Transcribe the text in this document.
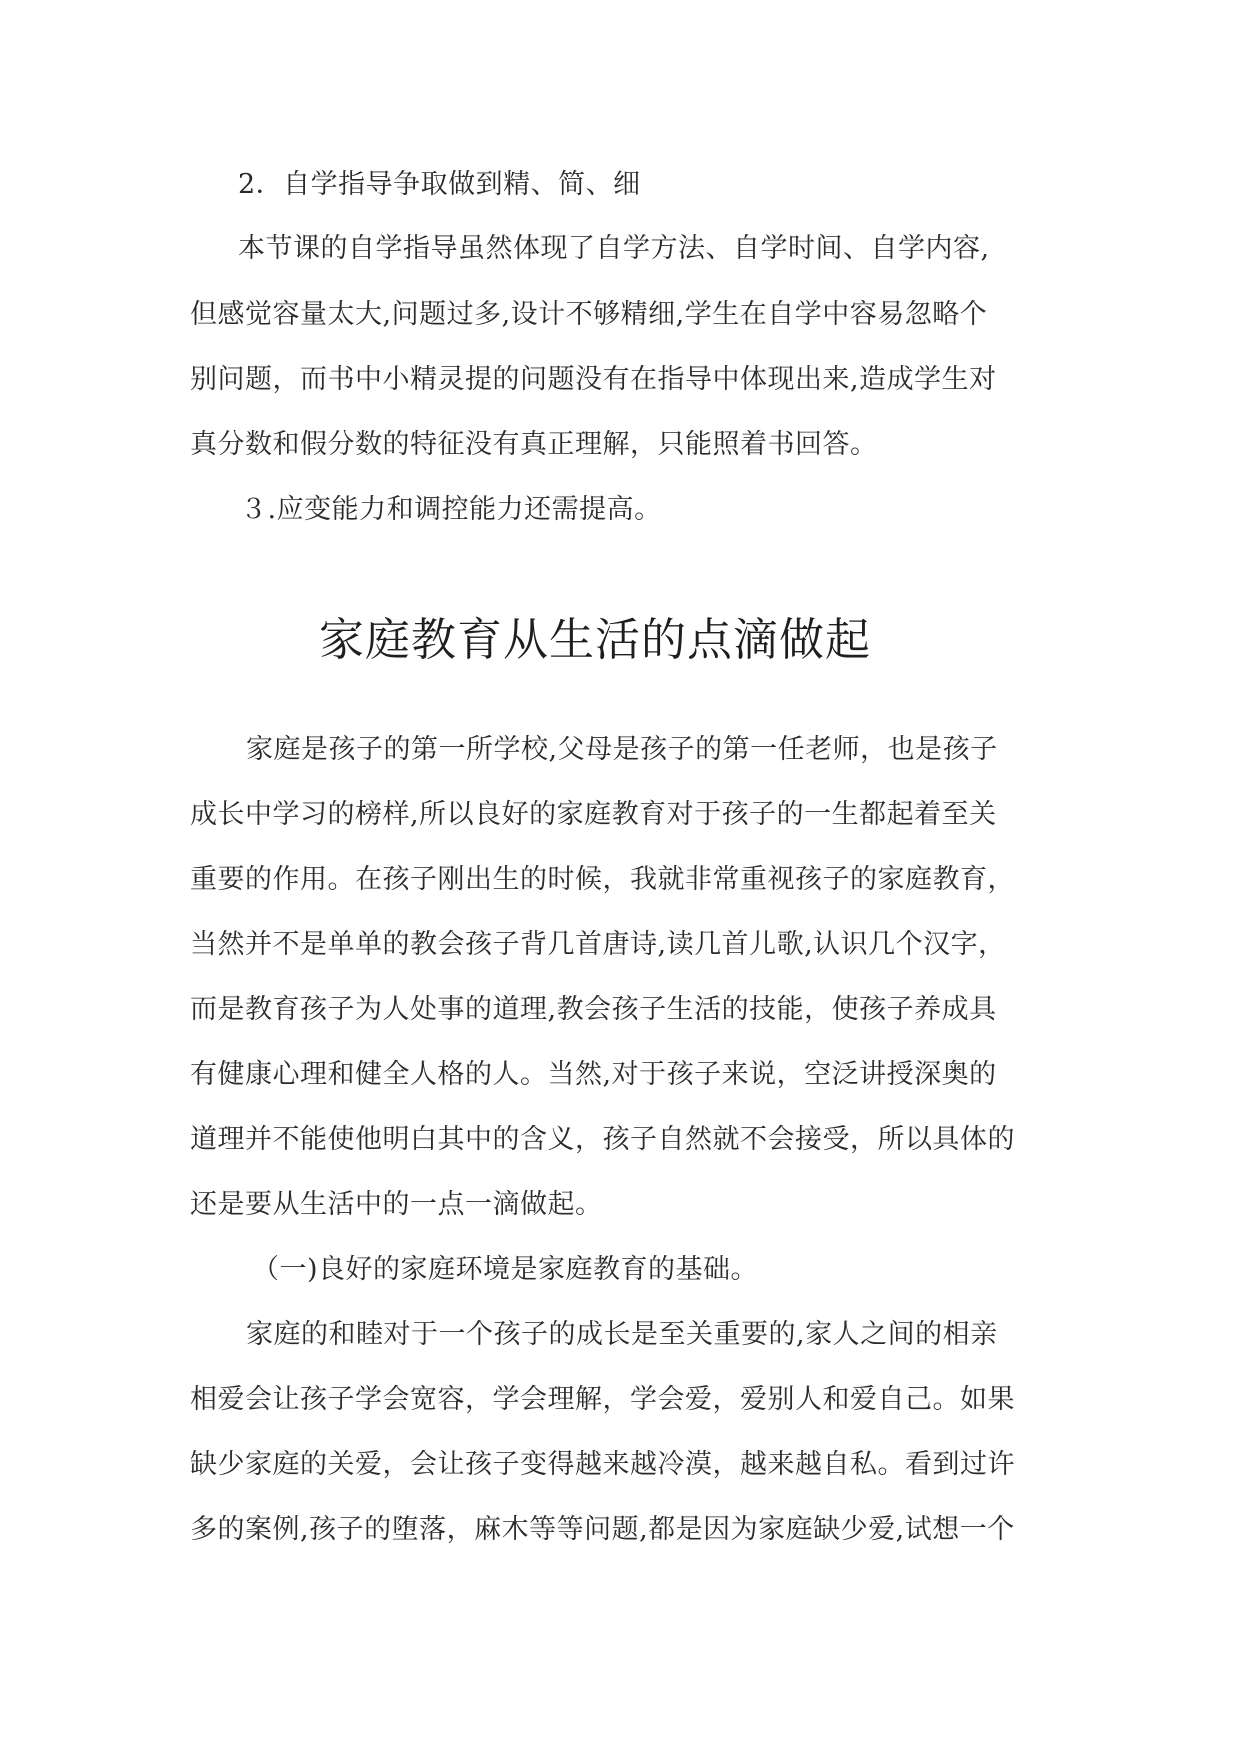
2．自学指导争取做到精、简、细
本节课的自学指导虽然体现了自学方法、自学时间、自学内容,
但感觉容量太大,问题过多,设计不够精细,学生在自学中容易忽略个
别问题，而书中小精灵提的问题没有在指导中体现出来,造成学生对
真分数和假分数的特征没有真正理解，只能照着书回答。
３.应变能力和调控能力还需提高。
家庭教育从生活的点滴做起
家庭是孩子的第一所学校,父母是孩子的第一任老师，也是孩子
成长中学习的榜样,所以良好的家庭教育对于孩子的一生都起着至关
重要的作用。在孩子刚出生的时候，我就非常重视孩子的家庭教育，
当然并不是单单的教会孩子背几首唐诗,读几首儿歌,认识几个汉字，
而是教育孩子为人处事的道理,教会孩子生活的技能，使孩子养成具
有健康心理和健全人格的人。当然,对于孩子来说，空泛讲授深奥的
道理并不能使他明白其中的含义，孩子自然就不会接受，所以具体的
还是要从生活中的一点一滴做起。
（一)良好的家庭环境是家庭教育的基础。
家庭的和睦对于一个孩子的成长是至关重要的,家人之间的相亲
相爱会让孩子学会宽容，学会理解，学会爱，爱别人和爱自己。如果
缺少家庭的关爱，会让孩子变得越来越冷漠，越来越自私。看到过许
多的案例,孩子的堕落，麻木等等问题,都是因为家庭缺少爱,试想一个
